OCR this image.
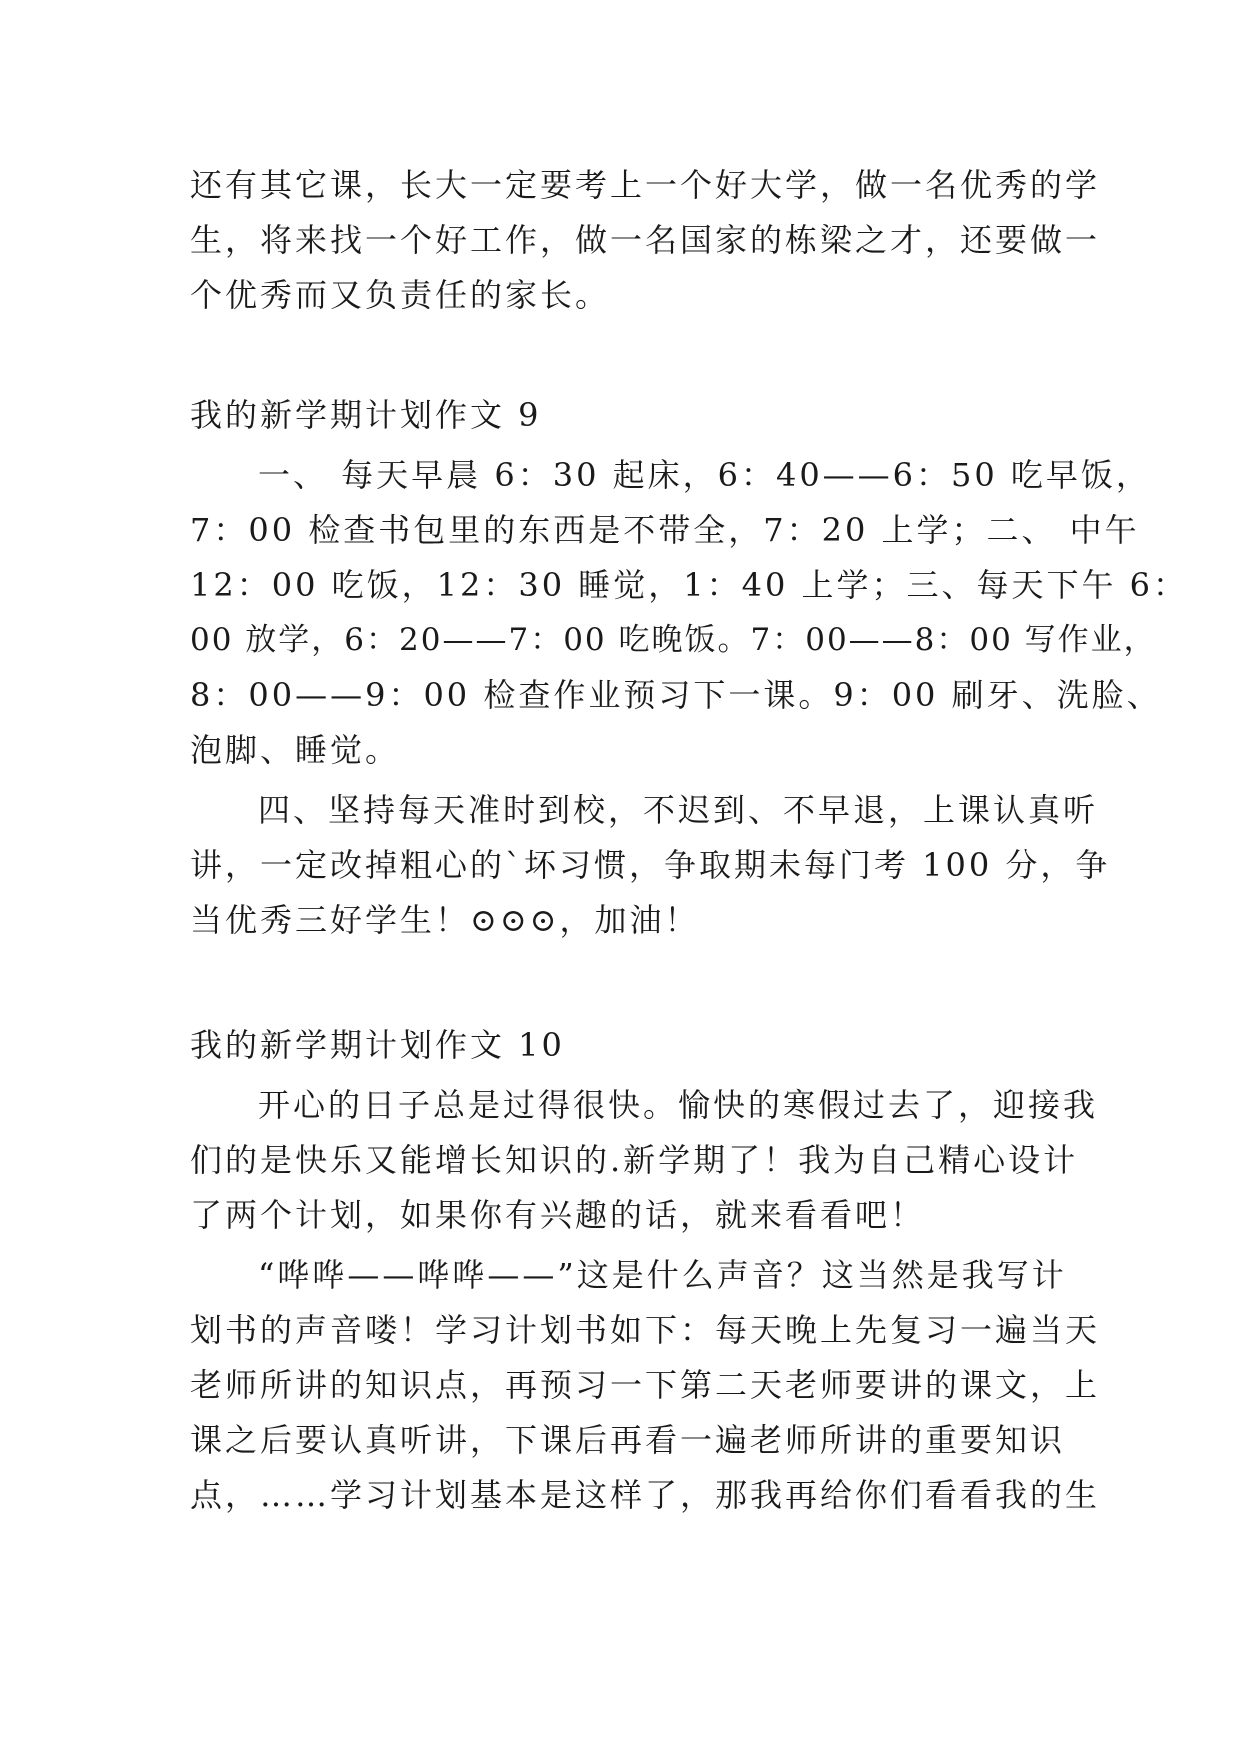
还有其它课，长大一定要考上一个好大学，做一名优秀的学
生，将来找一个好工作，做一名国家的栋梁之才，还要做一
个优秀而又负责任的家长。
我的新学期计划作文 9
一、 每天早晨 6：30 起床，6：40——6：50 吃早饭，
7：00 检查书包里的东西是不带全，7：20 上学；二、 中午
12：00 吃饭，12：30 睡觉，1：40 上学；三、每天下午 6：
00 放学，6：20——7：00 吃晚饭。7：00——8：00 写作业，
8：00——9：00 检查作业预习下一课。9：00 刷牙、洗脸、
泡脚、睡觉。
四、坚持每天准时到校，不迟到、不早退，上课认真听
讲，一定改掉粗心的`坏习惯，争取期未每门考 100 分，争
当优秀三好学生！⊙⊙⊙，加油！
我的新学期计划作文 10
开心的日子总是过得很快。愉快的寒假过去了，迎接我
们的是快乐又能增长知识的.新学期了！我为自己精心设计
了两个计划，如果你有兴趣的话，就来看看吧！
“哗哗——哗哗——”这是什么声音？这当然是我写计
划书的声音喽！学习计划书如下：每天晚上先复习一遍当天
老师所讲的知识点，再预习一下第二天老师要讲的课文，上
课之后要认真听讲，下课后再看一遍老师所讲的重要知识
点，……学习计划基本是这样了，那我再给你们看看我的生
